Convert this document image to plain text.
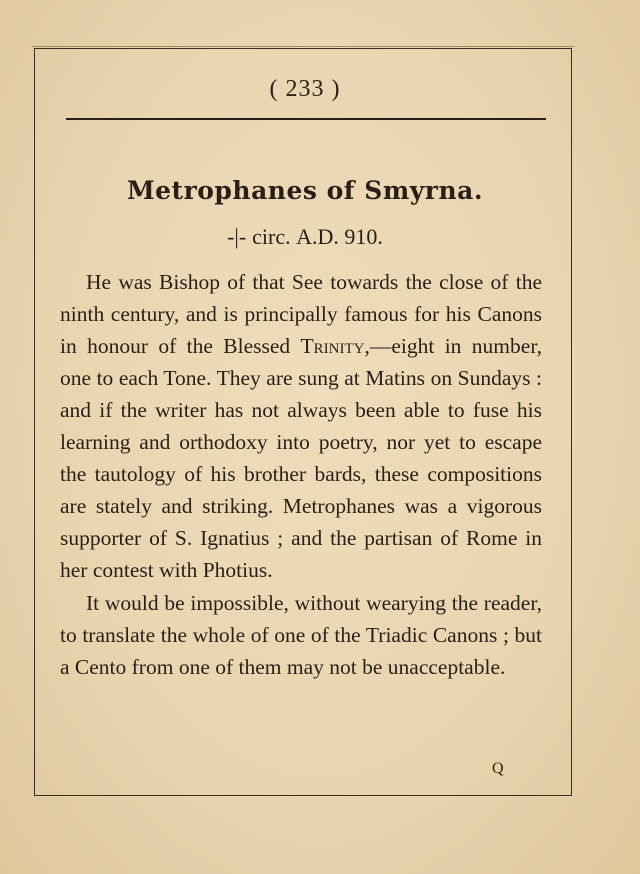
( 233 )
Metrophanes of Smyrna.
-|- circ. A.D. 910.

He was Bishop of that See towards the close of the ninth century, and is principally famous for his Canons in honour of the Blessed Trinity,—eight in number, one to each Tone. They are sung at Matins on Sundays : and if the writer has not always been able to fuse his learning and orthodoxy into poetry, nor yet to escape the tautology of his brother bards, these compositions are stately and striking. Metrophanes was a vigorous supporter of S. Ignatius ; and the partisan of Rome in her contest with Photius.

It would be impossible, without wearying the reader, to translate the whole of one of the Triadic Canons ; but a Cento from one of them may not be unacceptable.

Q
